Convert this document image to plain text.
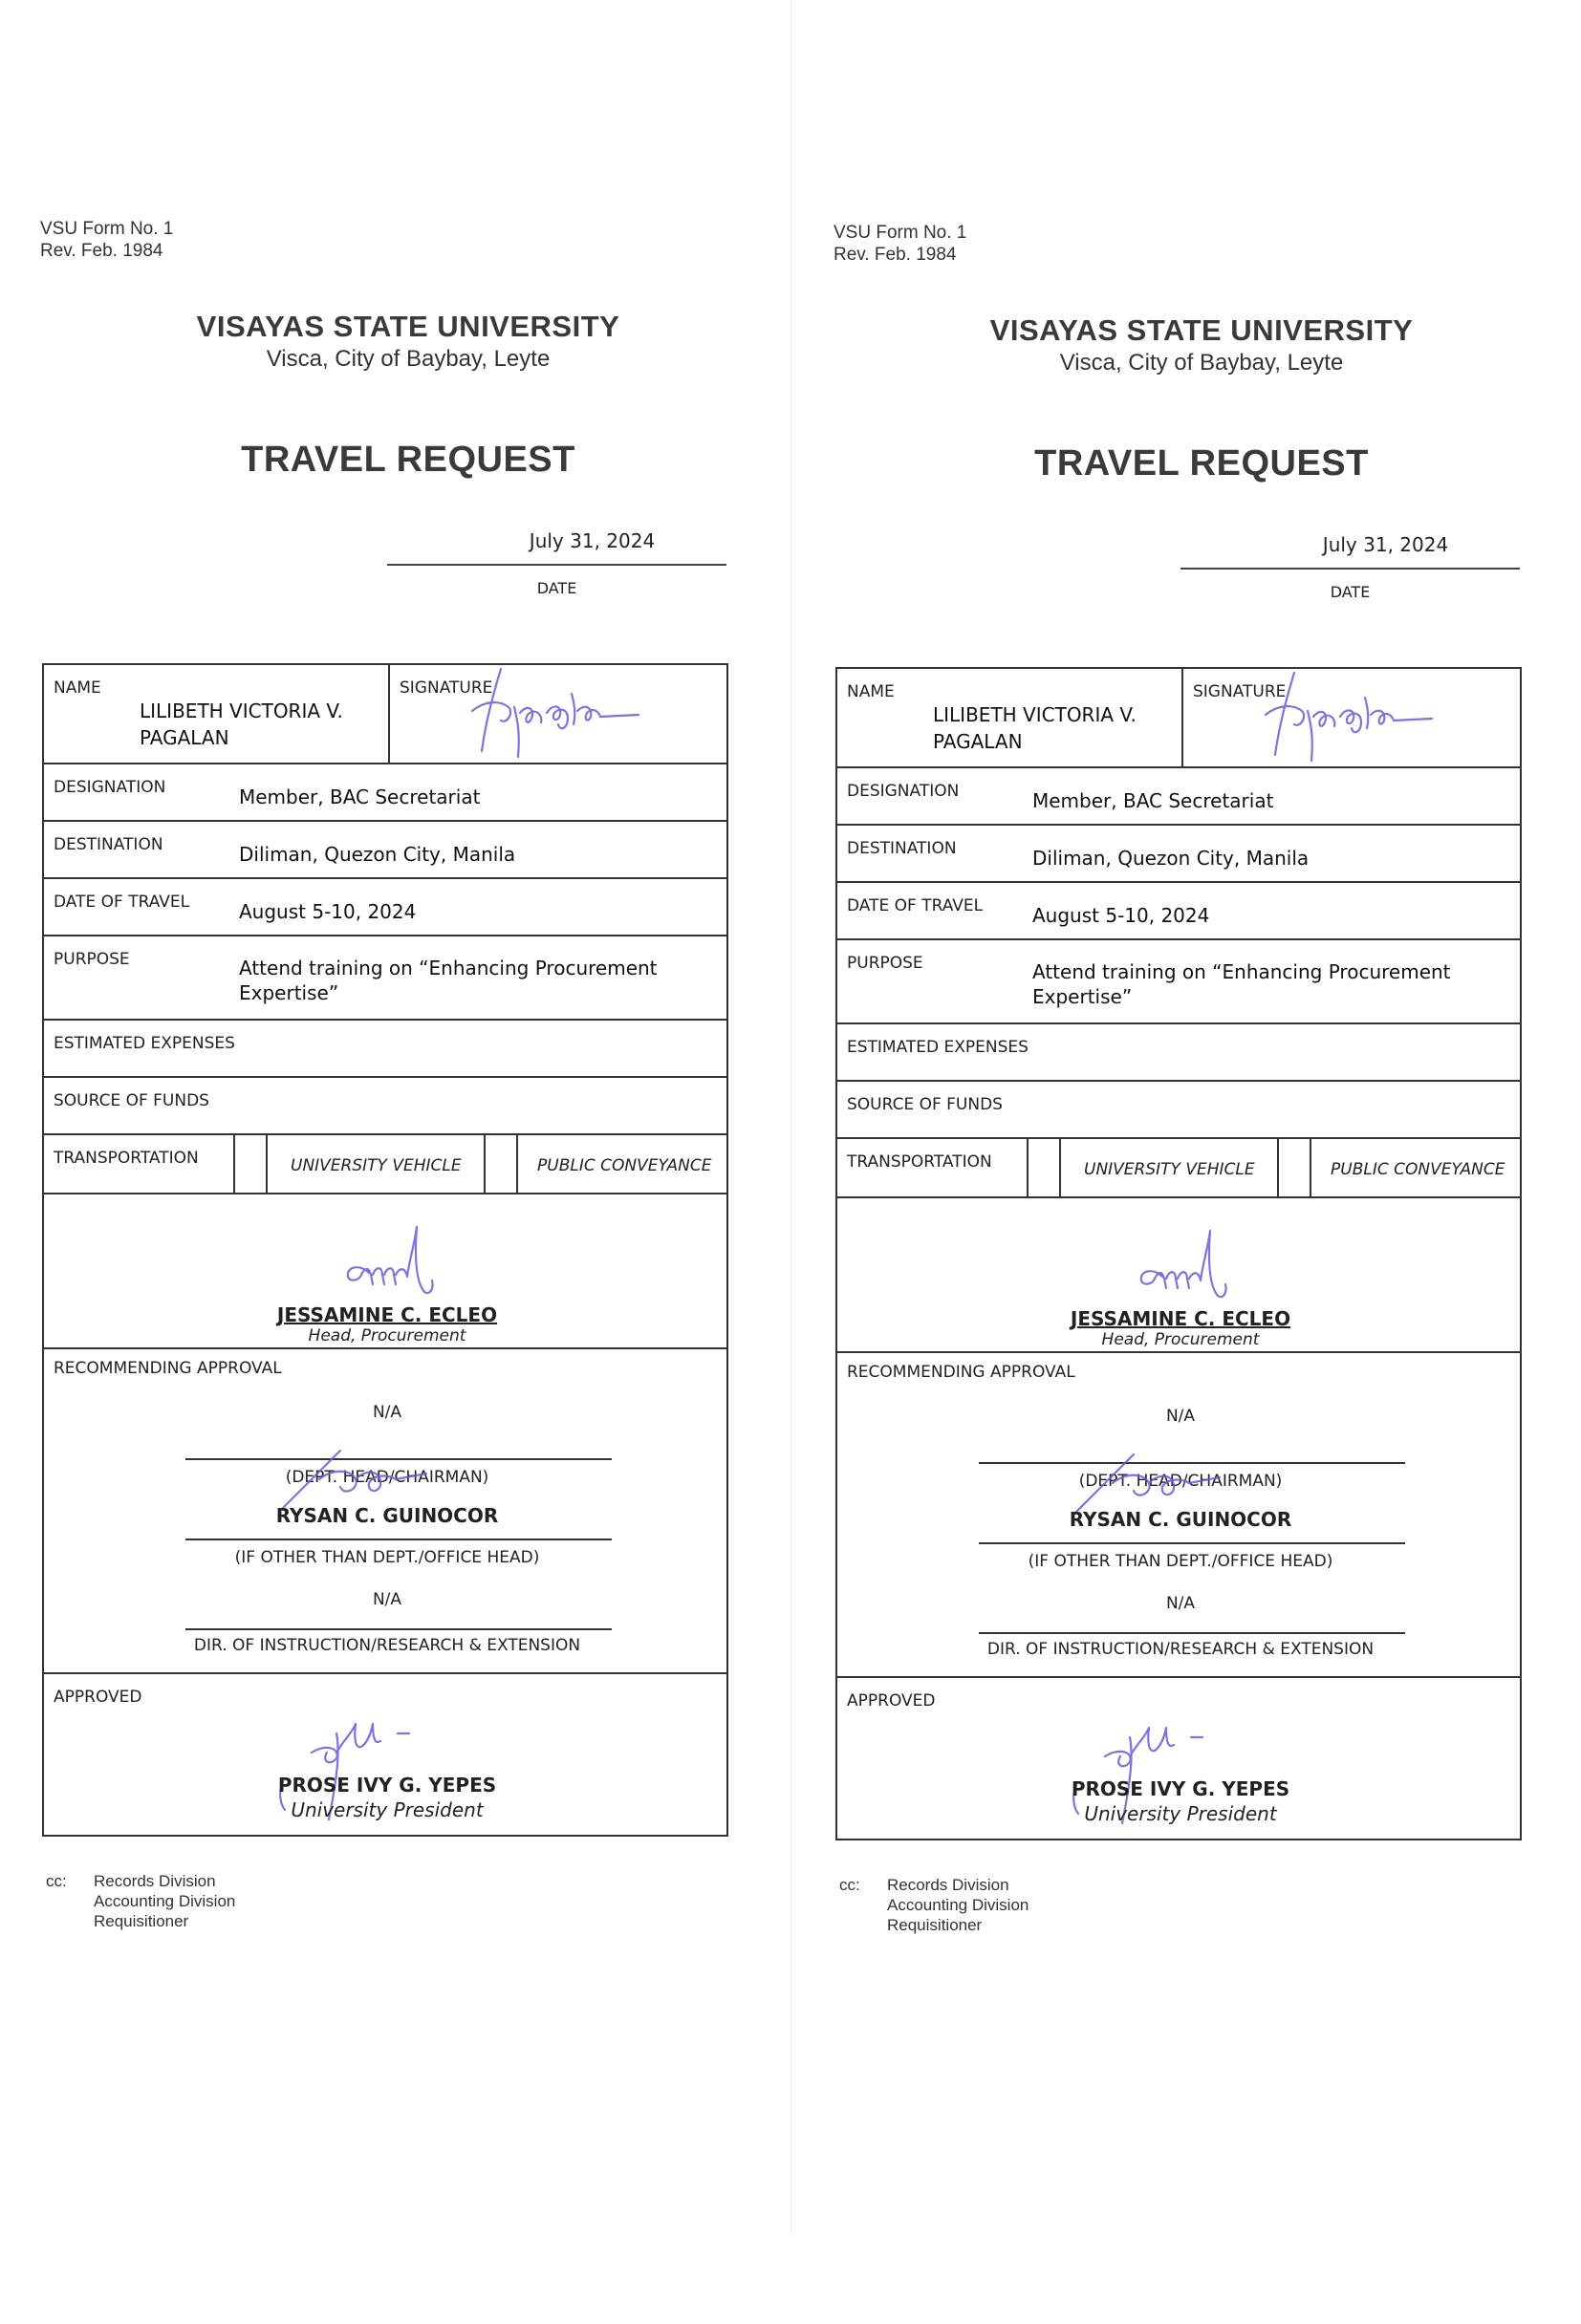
VSU Form No. 1
Rev. Feb. 1984
VISAYAS STATE UNIVERSITY
Visca, City of Baybay, Leyte
TRAVEL REQUEST
July 31, 2024
DATE
NAME
LILIBETH VICTORIA V.
PAGALAN
SIGNATURE
DESIGNATION	Member, BAC Secretariat
DESTINATION	Diliman, Quezon City, Manila
DATE OF TRAVEL	August 5-10, 2024
PURPOSE	Attend training on “Enhancing Procurement
Expertise”
ESTIMATED EXPENSES
SOURCE OF FUNDS
TRANSPORTATION	UNIVERSITY VEHICLE	PUBLIC CONVEYANCE
JESSAMINE C. ECLEO
Head, Procurement
RECOMMENDING APPROVAL
N/A
(DEPT. HEAD/CHAIRMAN)
RYSAN C. GUINOCOR
(IF OTHER THAN DEPT./OFFICE HEAD)
N/A
DIR. OF INSTRUCTION/RESEARCH & EXTENSION
APPROVED
PROSE IVY G. YEPES
University President
cc: Records Division
Accounting Division
Requisitioner
VSU Form No. 1
Rev. Feb. 1984
VISAYAS STATE UNIVERSITY
Visca, City of Baybay, Leyte
TRAVEL REQUEST
July 31, 2024
DATE
NAME
LILIBETH VICTORIA V.
PAGALAN
SIGNATURE
DESIGNATION	Member, BAC Secretariat
DESTINATION	Diliman, Quezon City, Manila
DATE OF TRAVEL	August 5-10, 2024
PURPOSE	Attend training on “Enhancing Procurement
Expertise”
ESTIMATED EXPENSES
SOURCE OF FUNDS
TRANSPORTATION	UNIVERSITY VEHICLE	PUBLIC CONVEYANCE
JESSAMINE C. ECLEO
Head, Procurement
RECOMMENDING APPROVAL
N/A
(DEPT. HEAD/CHAIRMAN)
RYSAN C. GUINOCOR
(IF OTHER THAN DEPT./OFFICE HEAD)
N/A
DIR. OF INSTRUCTION/RESEARCH & EXTENSION
APPROVED
PROSE IVY G. YEPES
University President
cc: Records Division
Accounting Division
Requisitioner
